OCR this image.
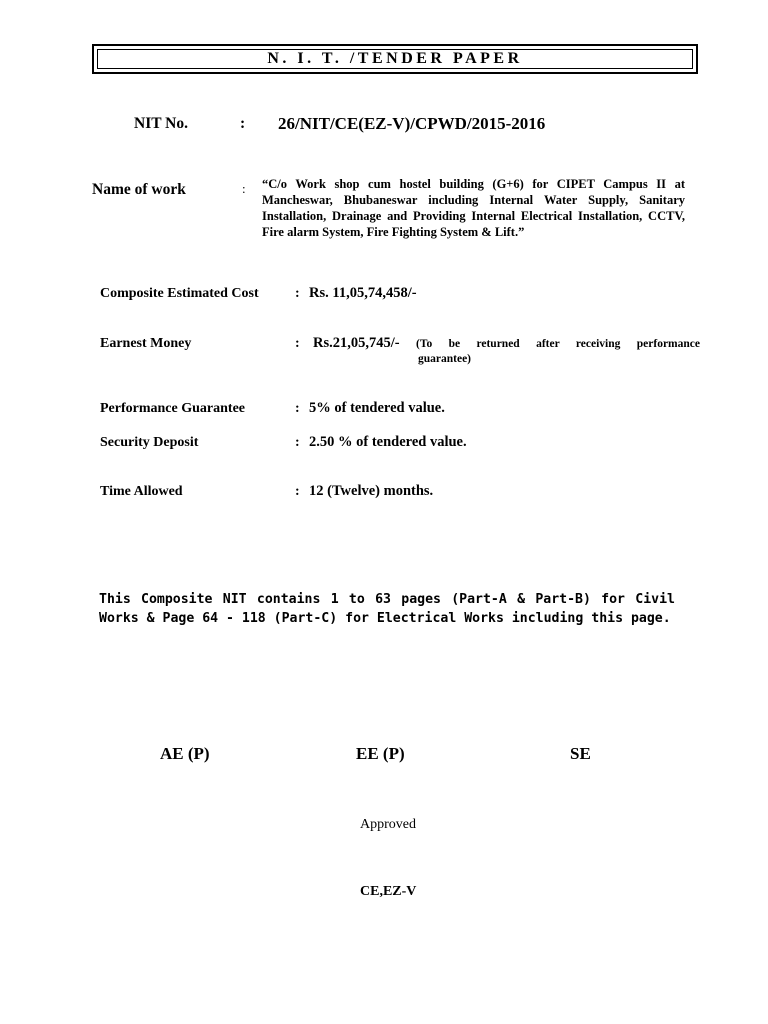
N. I. T. /TENDER PAPER
NIT No.	: 26/NIT/CE(EZ-V)/CPWD/2015-2016
Name of work	: “C/o Work shop cum hostel building (G+6) for CIPET Campus II at Mancheswar, Bhubaneswar including Internal Water Supply, Sanitary Installation, Drainage and Providing Internal Electrical Installation, CCTV, Fire alarm System, Fire Fighting System & Lift.”
Composite Estimated Cost	: Rs. 11,05,74,458/-
Earnest Money	: Rs.21,05,745/- (To be returned after receiving performance
guarantee)
Performance Guarantee	: 5% of tendered value.
Security Deposit	: 2.50 % of tendered value.
Time Allowed	: 12 (Twelve) months.
This Composite NIT contains 1 to 63 pages (Part-A & Part-B) for Civil Works & Page 64 - 118 (Part-C) for Electrical Works including this page.
AE (P)	EE (P)	SE
Approved
CE,EZ-V
